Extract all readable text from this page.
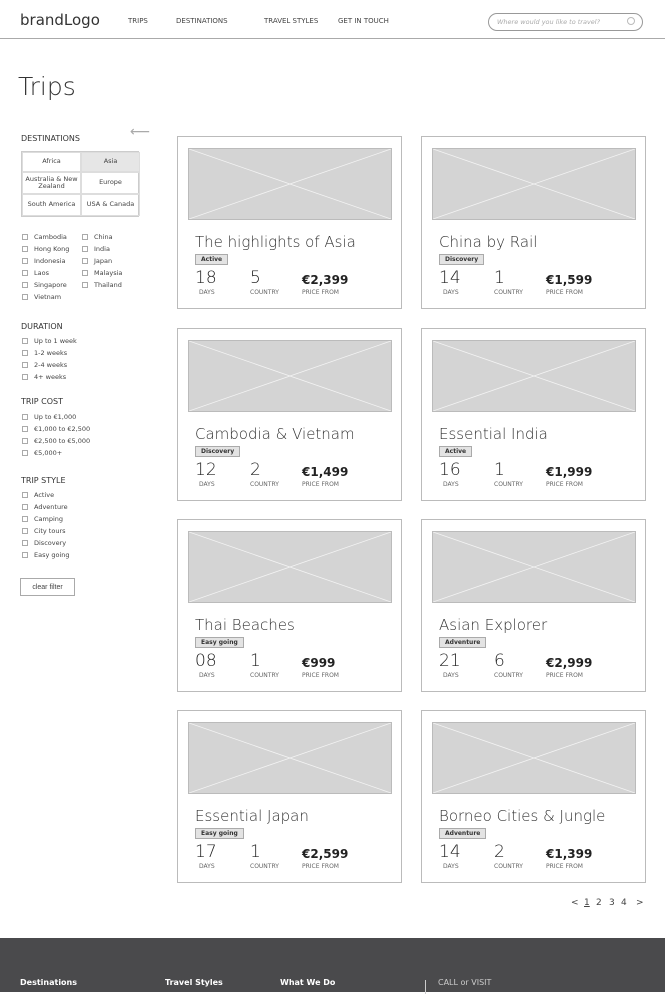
brandLogo	TRIPS	DESTINATIONS	TRAVEL STYLES	GET IN TOUCH	Where would you like to travel?
Trips
⟵
DESTINATIONS
Africa	Asia
Australia & New Zealand	Europe
South America	USA & Canada
Cambodia
Hong Kong
Indonesia
Laos
Singapore
Vietnam
China
India
Japan
Malaysia
Thailand
Up to 1 week
1-2 weeks
2-4 weeks
4+ weeks
Up to €1,000
€1,000 to €2,500
€2,500 to €5,000
€5,000+
Active
Adventure
Camping
City tours
Discovery
Easy going
DURATION
TRIP COST
TRIP STYLE
clear filter
The highlights of Asia
Active
18 5	€2,399
DAYS	COUNTRY	PRICE FROM
China by Rail
Discovery
14 1	€1,599
DAYS	COUNTRY	PRICE FROM
Cambodia & Vietnam
Discovery
12 2	€1,499
DAYS	COUNTRY	PRICE FROM
Essential India
Active
16 1	€1,999
DAYS	COUNTRY	PRICE FROM
Thai Beaches
Easy going
08 1	€999
DAYS	COUNTRY	PRICE FROM
Asian Explorer
Adventure
21 6	€2,999
DAYS	COUNTRY	PRICE FROM
Essential Japan
Easy going
17 1	€2,599
DAYS	COUNTRY	PRICE FROM
Borneo Cities & Jungle
Adventure
14 2	€1,399
DAYS	COUNTRY	PRICE FROM
< 1 2 3 4 >
Destinations	Travel Styles	What We Do	CALL or VISIT
